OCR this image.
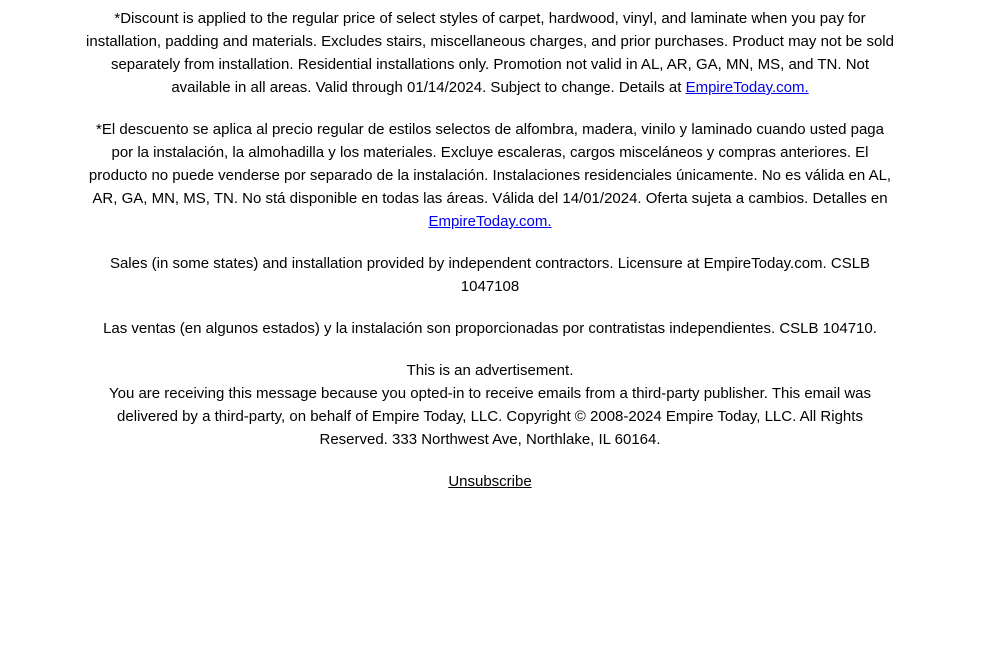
*Discount is applied to the regular price of select styles of carpet, hardwood, vinyl, and laminate when you pay for installation, padding and materials. Excludes stairs, miscellaneous charges, and prior purchases. Product may not be sold separately from installation. Residential installations only. Promotion not valid in AL, AR, GA, MN, MS, and TN. Not available in all areas. Valid through 01/14/2024. Subject to change. Details at EmpireToday.com.

*El descuento se aplica al precio regular de estilos selectos de alfombra, madera, vinilo y laminado cuando usted paga por la instalación, la almohadilla y los materiales. Excluye escaleras, cargos misceláneos y compras anteriores. El producto no puede venderse por separado de la instalación. Instalaciones residenciales únicamente. No es válida en AL, AR, GA, MN, MS, TN. No stá disponible en todas las áreas. Válida del 14/01/2024. Oferta sujeta a cambios. Detalles en EmpireToday.com.

Sales (in some states) and installation provided by independent contractors. Licensure at EmpireToday.com. CSLB 1047108

Las ventas (en algunos estados) y la instalación son proporcionadas por contratistas independientes. CSLB 104710.

This is an advertisement.

You are receiving this message because you opted-in to receive emails from a third-party publisher. This email was delivered by a third-party, on behalf of Empire Today, LLC. Copyright © 2008-2024 Empire Today, LLC. All Rights Reserved. 333 Northwest Ave, Northlake, IL 60164.

Unsubscribe
